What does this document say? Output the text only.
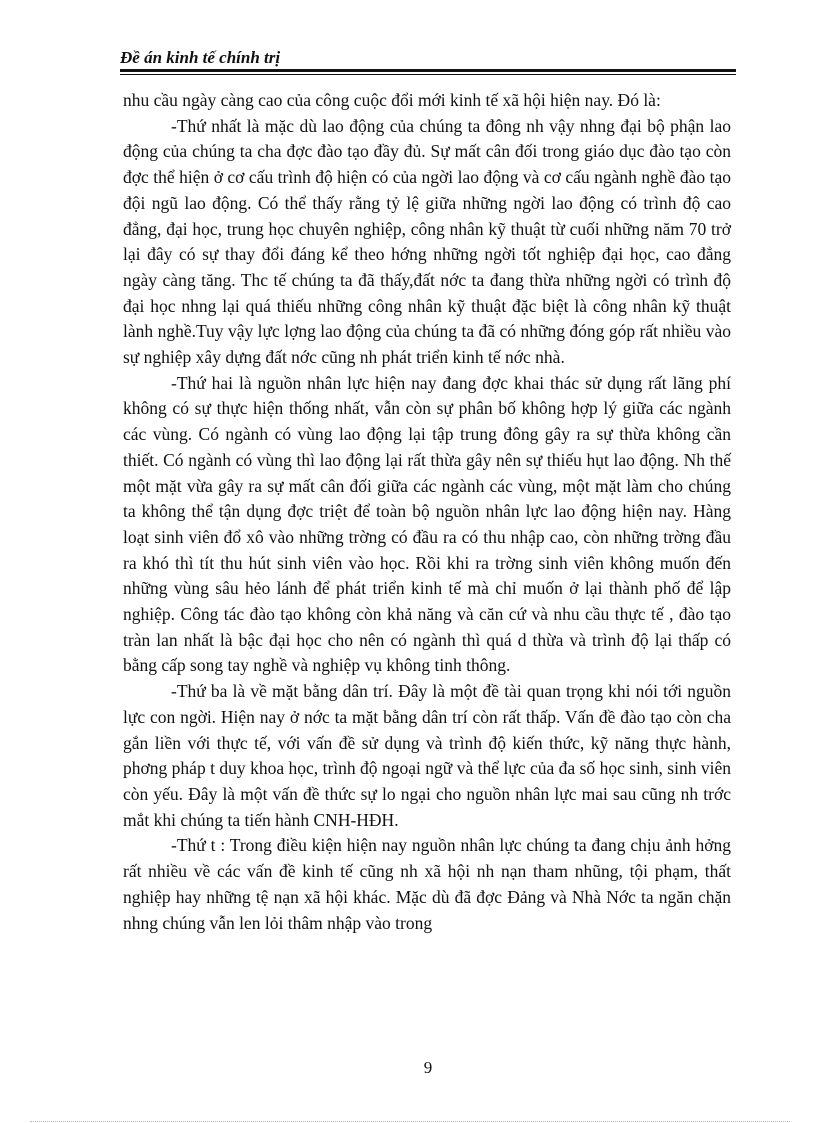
Đề án kinh tế chính trị

nhu cầu ngày càng cao của công cuộc đổi mới kinh tế xã hội hiện nay. Đó là:

-Thứ nhất là mặc dù lao động của chúng ta đông nh vậy nhng đại bộ phận lao động của chúng ta cha đợc đào tạo đầy đủ. Sự mất cân đối trong giáo dục đào tạo còn đợc thể hiện ở cơ cấu trình độ hiện có của ngời lao động và cơ cấu ngành nghề đào tạo đội ngũ lao động. Có thể thấy rằng tỷ lệ giữa những ngời lao động có trình độ cao đẳng, đại học, trung học chuyên nghiệp, công nhân kỹ thuật từ cuối những năm 70 trở lại đây có sự thay đổi đáng kể theo hớng những ngời tốt nghiệp đại học, cao đẳng ngày càng tăng. Thc tế chúng ta đã thấy,đất nớc ta đang thừa những ngời có trình độ đại học nhng lại quá thiếu những công nhân kỹ thuật đặc biệt là công nhân kỹ thuật lành nghề.Tuy vậy lực lợng lao động của chúng ta đã có những đóng góp rất nhiều vào sự nghiệp xây dựng đất nớc cũng nh phát triển kinh tế nớc nhà.

-Thứ hai là nguồn nhân lực hiện nay đang đợc khai thác sử dụng rất lãng phí không có sự thực hiện thống nhất, vẫn còn sự phân bố không hợp lý giữa các ngành các vùng. Có ngành có vùng lao động lại tập trung đông gây ra sự thừa không cần thiết. Có ngành có vùng thì lao động lại rất thừa gây nên sự thiếu hụt lao động. Nh thế một mặt vừa gây ra sự mất cân đối giữa các ngành các vùng, một mặt làm cho chúng ta không thể tận dụng đợc triệt để toàn bộ nguồn nhân lực lao động hiện nay. Hàng loạt sinh viên đổ xô vào những trờng có đầu ra có thu nhập cao, còn những trờng đầu ra khó thì tít thu hút sinh viên vào học. Rồi khi ra trờng sinh viên không muốn đến những vùng sâu hẻo lánh để phát triển kinh tế mà chỉ muốn ở lại thành phố để lập nghiệp. Công tác đào tạo không còn khả năng và căn cứ và nhu cầu thực tế , đào tạo tràn lan nhất là bậc đại học cho nên có ngành thì quá d thừa và trình độ lại thấp có bằng cấp song tay nghề và nghiệp vụ không tinh thông.

-Thứ ba là về mặt bằng dân trí. Đây là một đề tài quan trọng khi nói tới nguồn lực con ngời. Hiện nay ở nớc ta mặt bằng dân trí còn rất thấp. Vấn đề đào tạo còn cha gắn liền với thực tế, với vấn đề sử dụng và trình độ kiến thức, kỹ năng thực hành, phơng pháp t duy khoa học, trình độ ngoại ngữ và thể lực của đa số học sinh, sinh viên còn yếu. Đây là một vấn đề thức sự lo ngại cho nguồn nhân lực mai sau cũng nh trớc mắt khi chúng ta tiến hành CNH-HĐH.

-Thứ t : Trong điều kiện hiện nay nguồn nhân lực chúng ta đang chịu ảnh hởng rất nhiều về các vấn đề kinh tế cũng nh xã hội nh nạn tham nhũng, tội phạm, thất nghiệp hay những tệ nạn xã hội khác. Mặc dù đã đợc Đảng và Nhà Nớc ta ngăn chặn nhng chúng vẫn len lỏi thâm nhập vào trong

9
